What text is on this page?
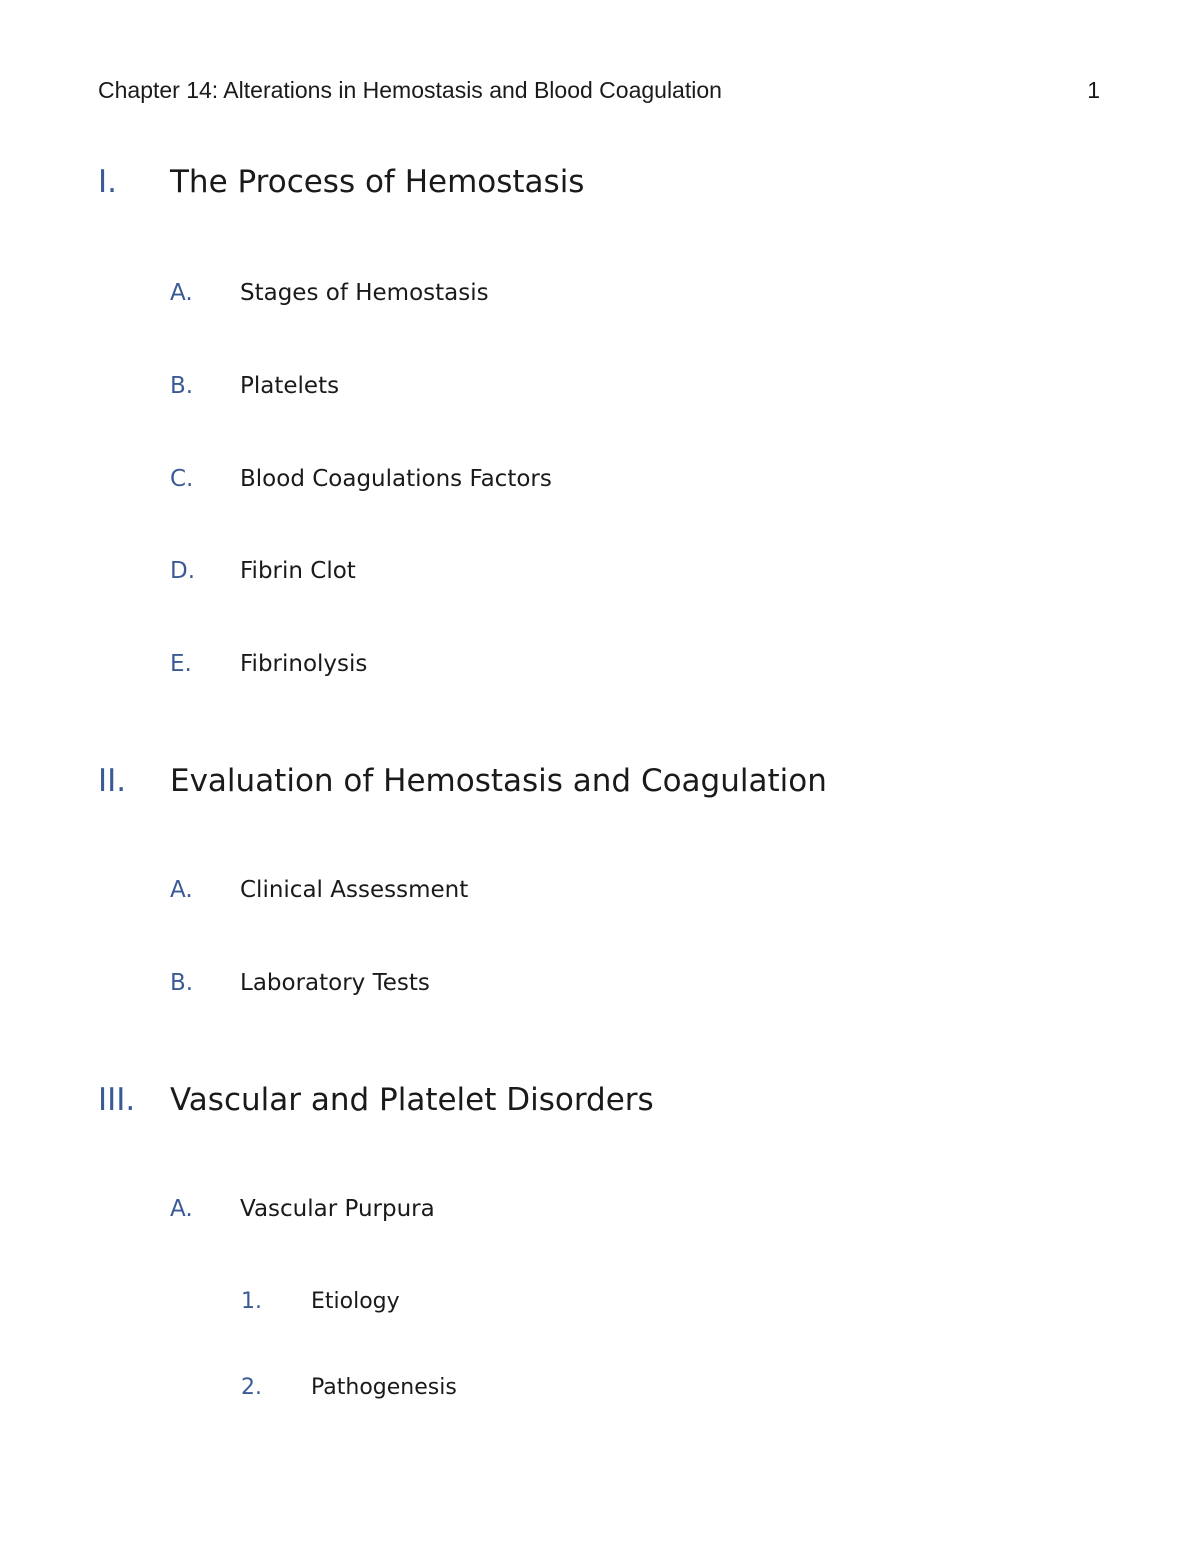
Chapter 14: Alterations in Hemostasis and Blood Coagulation	1
I. The Process of Hemostasis
A. Stages of Hemostasis
B. Platelets
C. Blood Coagulations Factors
D. Fibrin Clot
E. Fibrinolysis
II. Evaluation of Hemostasis and Coagulation
A. Clinical Assessment
B. Laboratory Tests
III. Vascular and Platelet Disorders
A. Vascular Purpura
1. Etiology
2. Pathogenesis
